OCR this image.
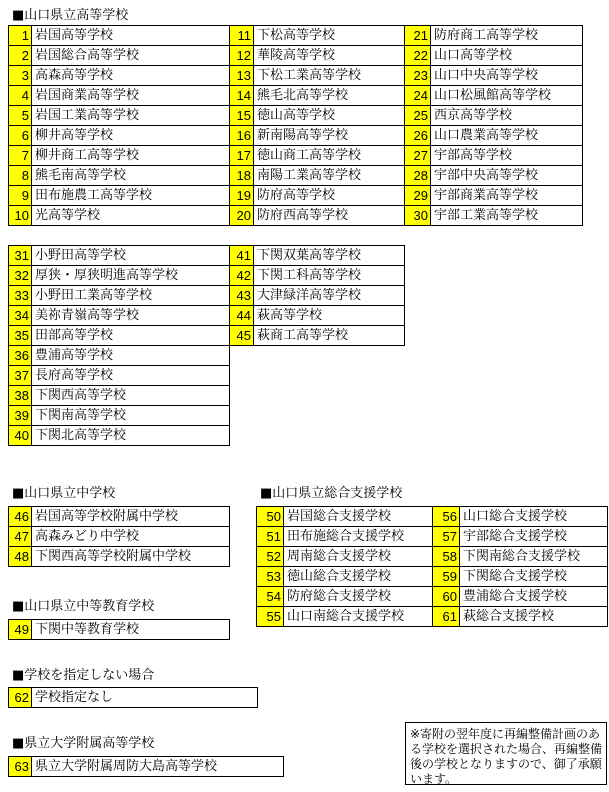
■山口県立高等学校
1 岩国高等学校	11 下松高等学校	21 防府商工高等学校
2 岩国総合高等学校	12 華陵高等学校	22 山口高等学校
3 高森高等学校	13 下松工業高等学校	23 山口中央高等学校
4 岩国商業高等学校	14 熊毛北高等学校	24 山口松風館高等学校
5 岩国工業高等学校	15 徳山高等学校	25 西京高等学校
6 柳井高等学校	16 新南陽高等学校	26 山口農業高等学校
7 柳井商工高等学校	17 徳山商工高等学校	27 宇部高等学校
8 熊毛南高等学校	18 南陽工業高等学校	28 宇部中央高等学校
9 田布施農工高等学校	19 防府高等学校	29 宇部商業高等学校
10 光高等学校	20 防府西高等学校	30 宇部工業高等学校
31 小野田高等学校	41 下関双葉高等学校
32 厚狭・厚狭明進高等学校	42 下関工科高等学校
33 小野田工業高等学校	43 大津緑洋高等学校
34 美祢青嶺高等学校	44 萩高等学校
35 田部高等学校	45 萩商工高等学校
36 豊浦高等学校
37 長府高等学校
38 下関西高等学校
39 下関南高等学校
40 下関北高等学校
■山口県立中学校
46 岩国高等学校附属中学校
47 高森みどり中学校
48 下関西高等学校附属中学校
■山口県立総合支援学校
50 岩国総合支援学校	56 山口総合支援学校
51 田布施総合支援学校	57 宇部総合支援学校
52 周南総合支援学校	58 下関南総合支援学校
53 徳山総合支援学校	59 下関総合支援学校
54 防府総合支援学校	60 豊浦総合支援学校
55 山口南総合支援学校	61 萩総合支援学校
■山口県立中等教育学校
49 下関中等教育学校
■学校を指定しない場合
62 学校指定なし
■県立大学附属高等学校
63 県立大学附属周防大島高等学校
※寄附の翌年度に再編整備計画のある学校を選択された場合、再編整備後の学校となりますので、御了承願います。
